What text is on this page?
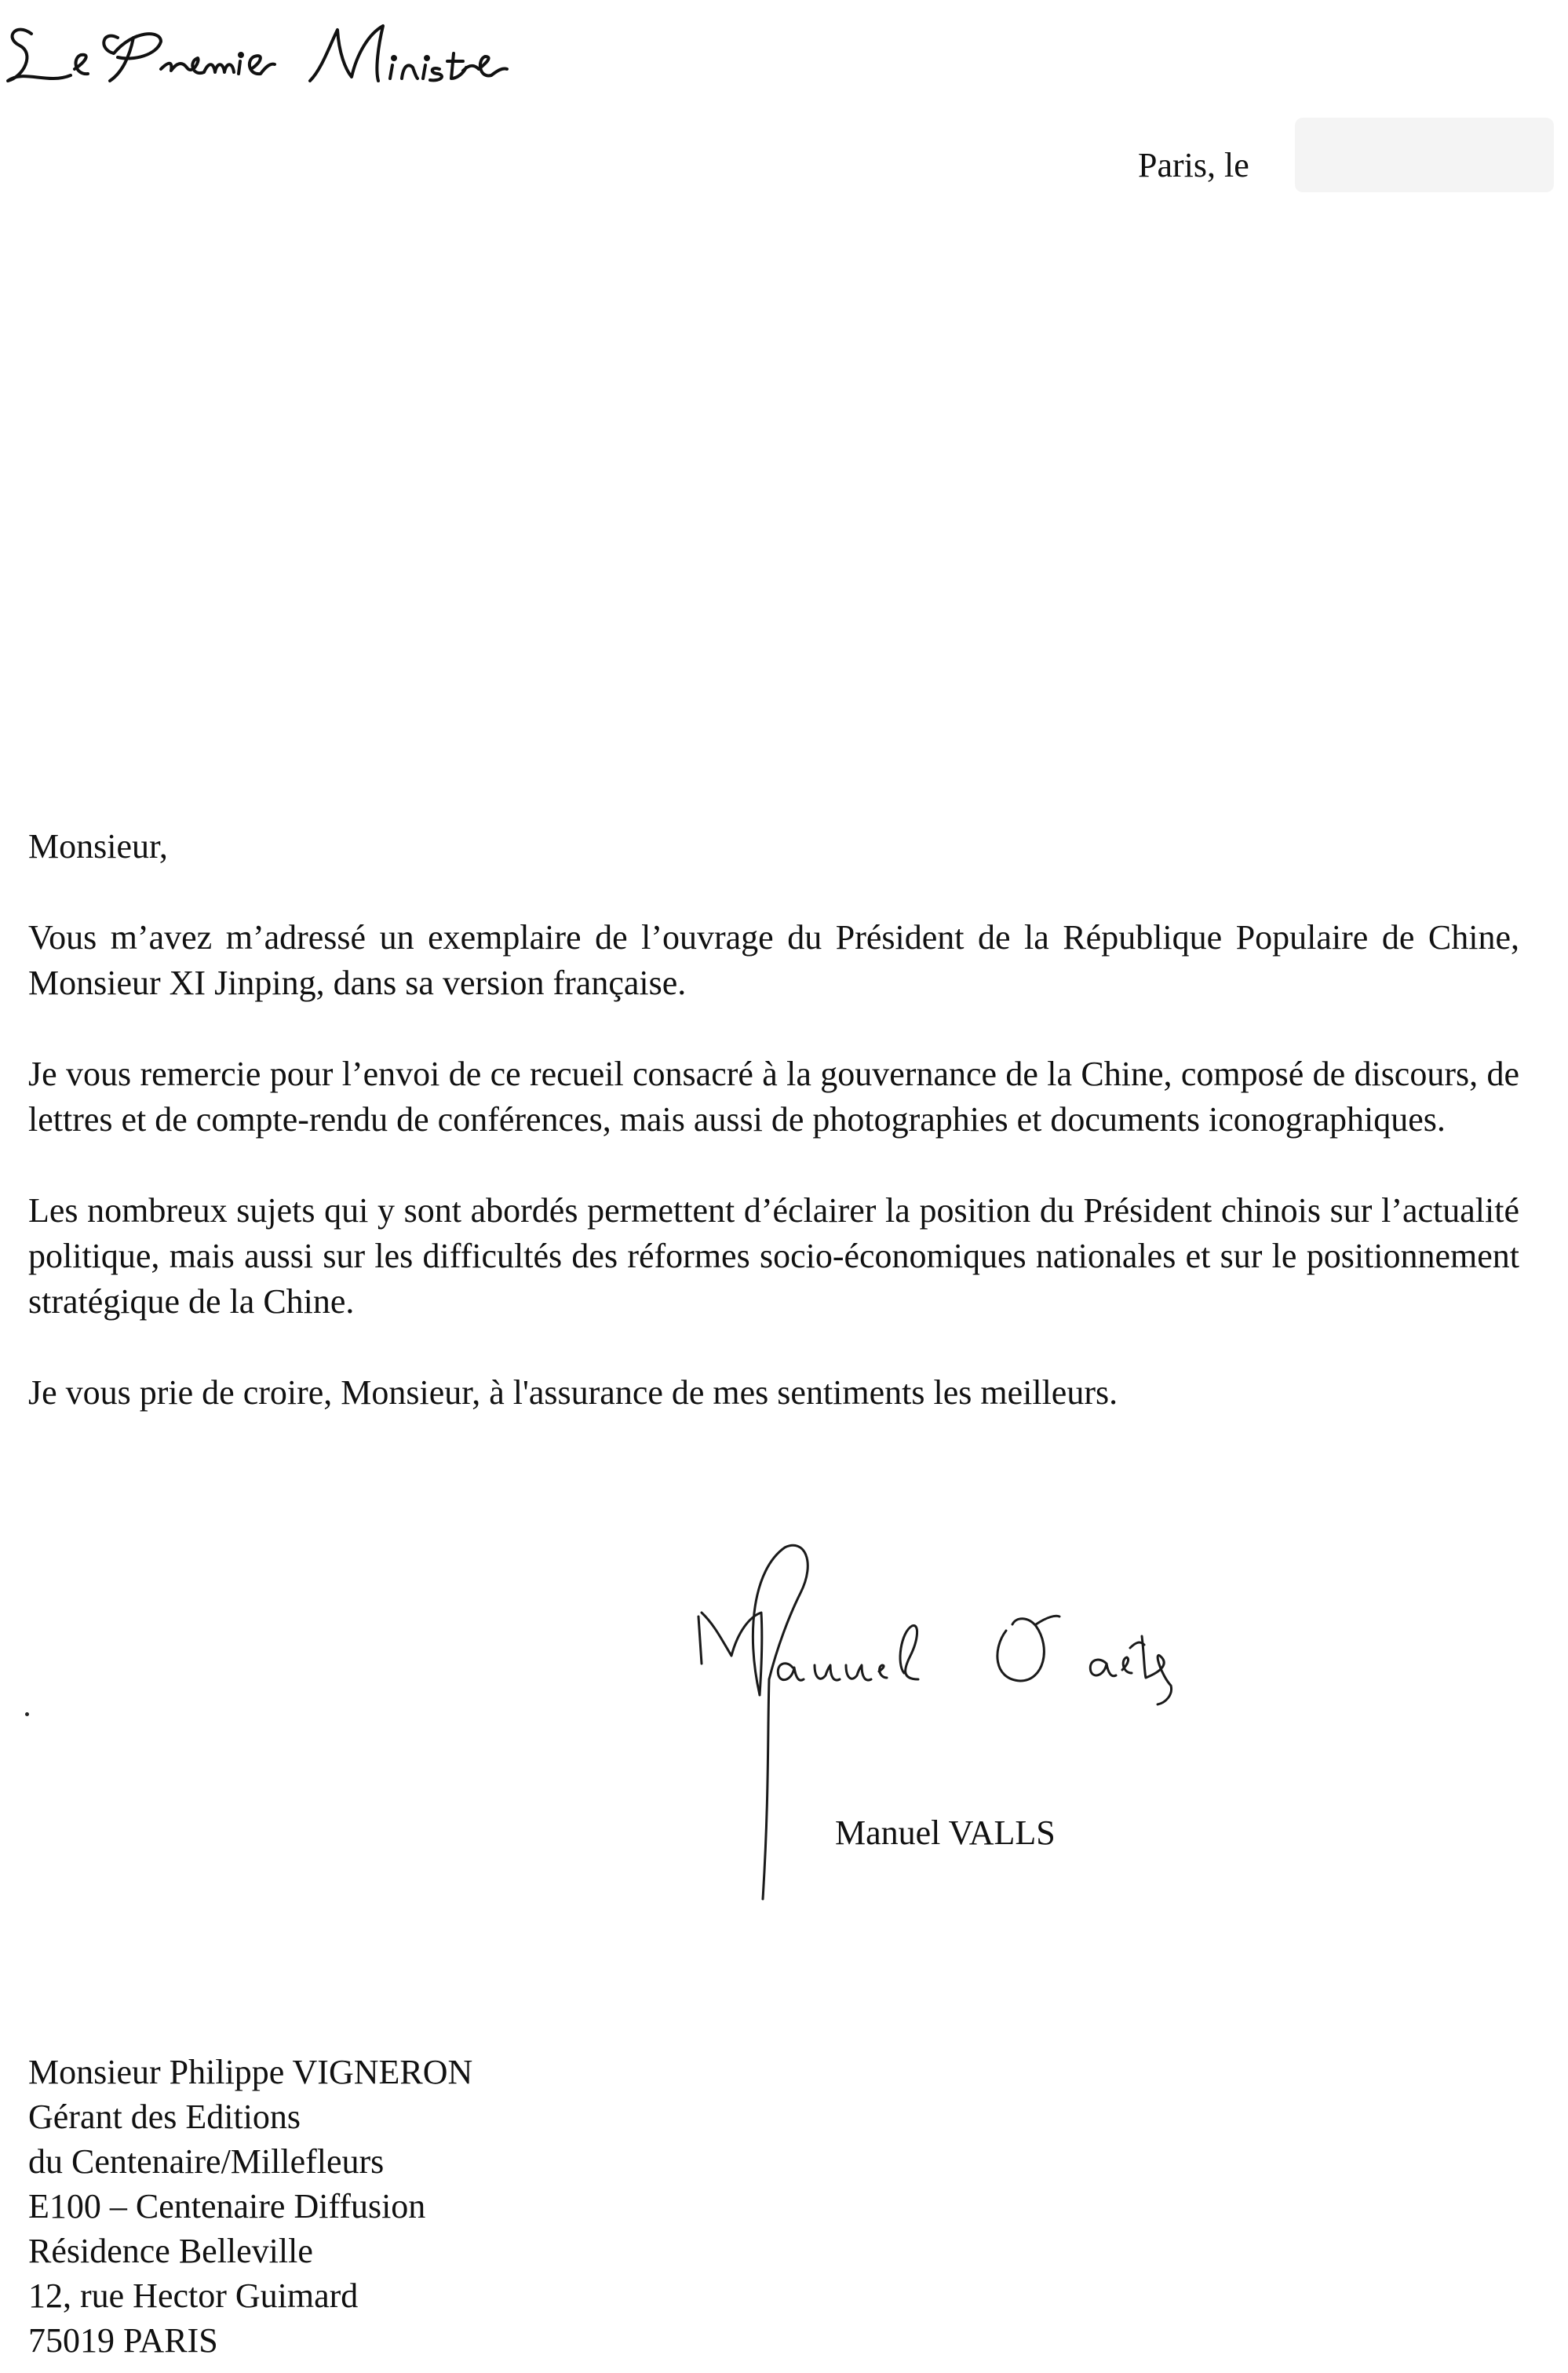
Paris, le

Monsieur,

Vous m’avez m’adressé un exemplaire de l’ouvrage du Président de la République Populaire de Chine, Monsieur XI Jinping, dans sa version française.

Je vous remercie pour l’envoi de ce recueil consacré à la gouvernance de la Chine, composé de discours, de lettres et de compte-rendu de conférences, mais aussi de photographies et documents iconographiques.

Les nombreux sujets qui y sont abordés permettent d’éclairer la position du Président chinois sur l’actualité politique, mais aussi sur les difficultés des réformes socio-économiques nationales et sur le positionnement stratégique de la Chine.

Je vous prie de croire, Monsieur, à l'assurance de mes sentiments les meilleurs.

Manuel VALLS
Monsieur Philippe VIGNERON
Gérant des Editions
du Centenaire/Millefleurs
E100 – Centenaire Diffusion
Résidence Belleville
12, rue Hector Guimard
75019 PARIS
